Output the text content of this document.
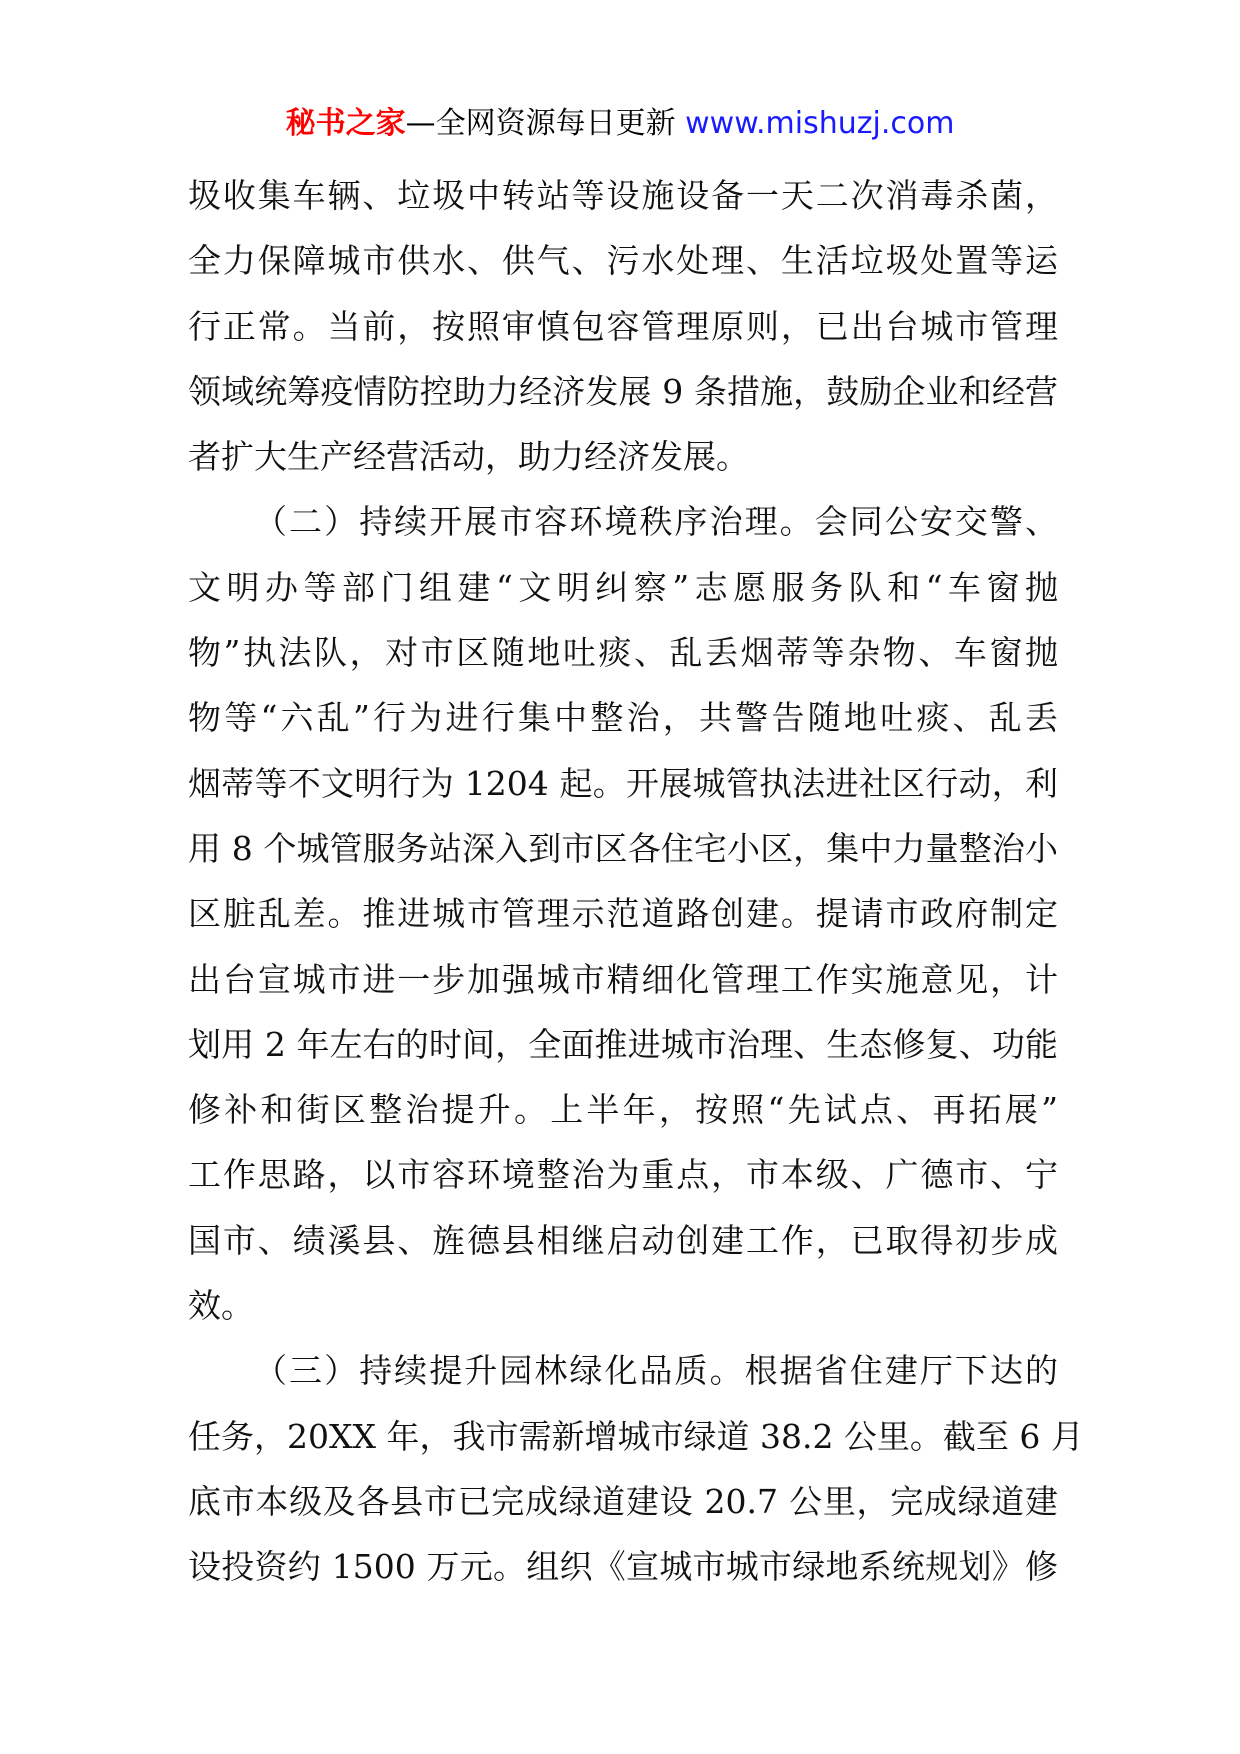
秘书之家—全网资源每日更新 www.mishuzj.com
圾收集车辆、垃圾中转站等设施设备一天二次消毒杀菌，
全力保障城市供水、供气、污水处理、生活垃圾处置等运
行正常。当前，按照审慎包容管理原则，已出台城市管理
领域统筹疫情防控助力经济发展 9 条措施，鼓励企业和经营
者扩大生产经营活动，助力经济发展。
（二）持续开展市容环境秩序治理。会同公安交警、
文明办等部门组建“文明纠察”志愿服务队和“车窗抛
物”执法队，对市区随地吐痰、乱丢烟蒂等杂物、车窗抛
物等“六乱”行为进行集中整治，共警告随地吐痰、乱丢
烟蒂等不文明行为 1204 起。开展城管执法进社区行动，利
用 8 个城管服务站深入到市区各住宅小区，集中力量整治小
区脏乱差。推进城市管理示范道路创建。提请市政府制定
出台宣城市进一步加强城市精细化管理工作实施意见，计
划用 2 年左右的时间，全面推进城市治理、生态修复、功能
修补和街区整治提升。上半年，按照“先试点、再拓展”
工作思路，以市容环境整治为重点，市本级、广德市、宁
国市、绩溪县、旌德县相继启动创建工作，已取得初步成
效。
（三）持续提升园林绿化品质。根据省住建厅下达的
任务，20XX 年，我市需新增城市绿道 38.2 公里。截至 6 月
底市本级及各县市已完成绿道建设 20.7 公里，完成绿道建
设投资约 1500 万元。组织《宣城市城市绿地系统规划》修
